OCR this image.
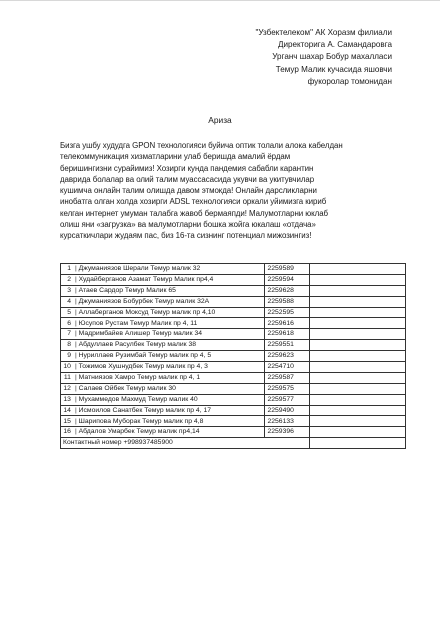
"Узбектелеком" АК Хоразм филиали
Директорига А. Самандаровга
Урганч шахар Бобур махалласи
Темур Малик кучасида яшовчи
фукоролар томонидан
Ариза
Бизга ушбу худудга GPON технологияси буйича оптик толали алока кабелдан
телекоммуникация хизматларини улаб беришда амалий ёрдам
беришингизни сурайимиз! Хозирги кунда пандемия сабабли карантин
даврида болалар ва олий талим муассасасида укувчи ва укитувчилар
кушимча онлайн талим олишда давом этмокда! Онлайн дарсликларни
инобатга олган холда хозирги ADSL технологияси оркали уйимизга кириб
келган интернет умуман талабга жавоб бермаяпди! Малумотларни юклаб
олиш яни «загрузка» ва малумотларни бошка жойга юкалаш «отдача»
курсаткичлари жудаям пас, биз 16-та сизнинг потенциал мижозингиз!
1	| Джуманиязов Шерали Темур малик 32	2259589	
2	| Худайберганов Азамат Темур Малик пр4,4	2259594	
3	| Атаев Сардор Темур Малик 65	2259628	
4	| Джуманиязов Бобурбек Темур малик 32А	2259588	
5	| Аллаберганов Моксуд Темур малик пр 4,10	2252595	
6	| Юсупов Рустам Темур Малик пр 4, 11	2259616	
7	| Мадримбайев Алишер Темур малик 34	2259618	
8	| Абдуллаев Расулбек Темур малик 38	2259551	
9	| Нуриллаев Рузимбай Темур малик пр 4, 5	2259623	
10	| Тожимов Хушнудбек Темур малик пр 4, 3	2254710	
11	| Матниязов Хамро Темур малик пр 4, 1	2259587	
12	| Салаев Ойбек Темур малик 30	2259575	
13	| Мухаммедов Махмуд Темур малик 40	2259577	
14	| Исмоилов Санатбек Темур малик пр 4, 17	2259490	
15	| Шарипова Муборак Темур малик пр 4,8	2256133	
16	| Абдалов Умарбек Темур малик пр4,14	2259396	
Контактный номер +998937485900			
